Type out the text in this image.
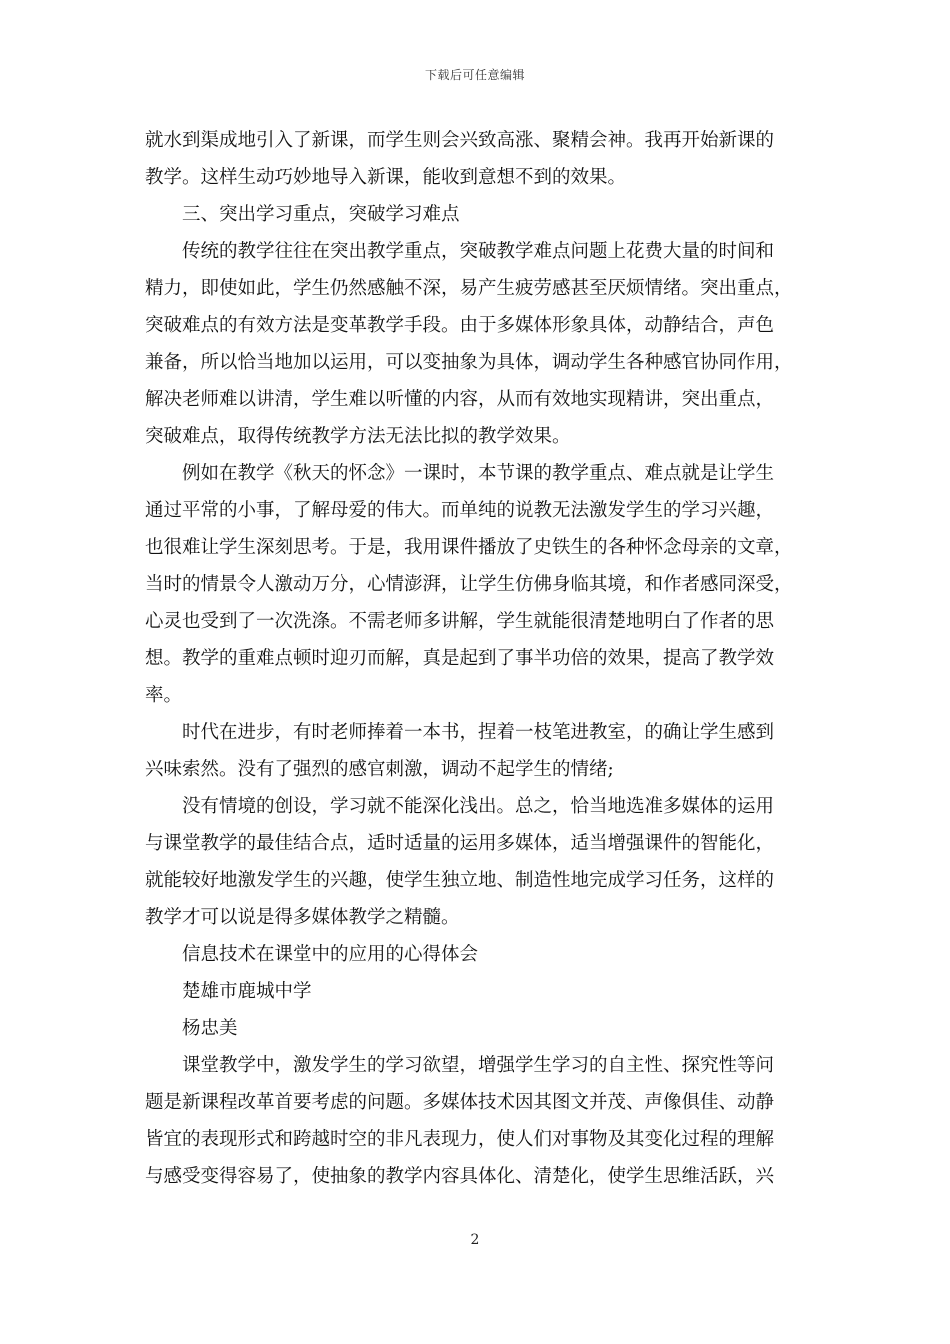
下载后可任意编辑
就水到渠成地引入了新课，而学生则会兴致高涨、聚精会神。我再开始新课的
教学。这样生动巧妙地导入新课，能收到意想不到的效果。
三、突出学习重点，突破学习难点
传统的教学往往在突出教学重点，突破教学难点问题上花费大量的时间和
精力，即使如此，学生仍然感触不深，易产生疲劳感甚至厌烦情绪。突出重点，
突破难点的有效方法是变革教学手段。由于多媒体形象具体，动静结合，声色
兼备，所以恰当地加以运用，可以变抽象为具体，调动学生各种感官协同作用，
解决老师难以讲清，学生难以听懂的内容，从而有效地实现精讲，突出重点，
突破难点，取得传统教学方法无法比拟的教学效果。
例如在教学《秋天的怀念》一课时，本节课的教学重点、难点就是让学生
通过平常的小事，了解母爱的伟大。而单纯的说教无法激发学生的学习兴趣，
也很难让学生深刻思考。于是，我用课件播放了史铁生的各种怀念母亲的文章，
当时的情景令人激动万分，心情澎湃，让学生仿佛身临其境，和作者感同深受，
心灵也受到了一次洗涤。不需老师多讲解，学生就能很清楚地明白了作者的思
想。教学的重难点顿时迎刃而解，真是起到了事半功倍的效果，提高了教学效
率。
时代在进步，有时老师捧着一本书，捏着一枝笔进教室，的确让学生感到
兴味索然。没有了强烈的感官刺激，调动不起学生的情绪;
没有情境的创设，学习就不能深化浅出。总之，恰当地选准多媒体的运用
与课堂教学的最佳结合点，适时适量的运用多媒体，适当增强课件的智能化，
就能较好地激发学生的兴趣，使学生独立地、制造性地完成学习任务，这样的
教学才可以说是得多媒体教学之精髓。
信息技术在课堂中的应用的心得体会
楚雄市鹿城中学
杨忠美
课堂教学中，激发学生的学习欲望，增强学生学习的自主性、探究性等问
题是新课程改革首要考虑的问题。多媒体技术因其图文并茂、声像俱佳、动静
皆宜的表现形式和跨越时空的非凡表现力，使人们对事物及其变化过程的理解
与感受变得容易了，使抽象的教学内容具体化、清楚化，使学生思维活跃，兴
2
